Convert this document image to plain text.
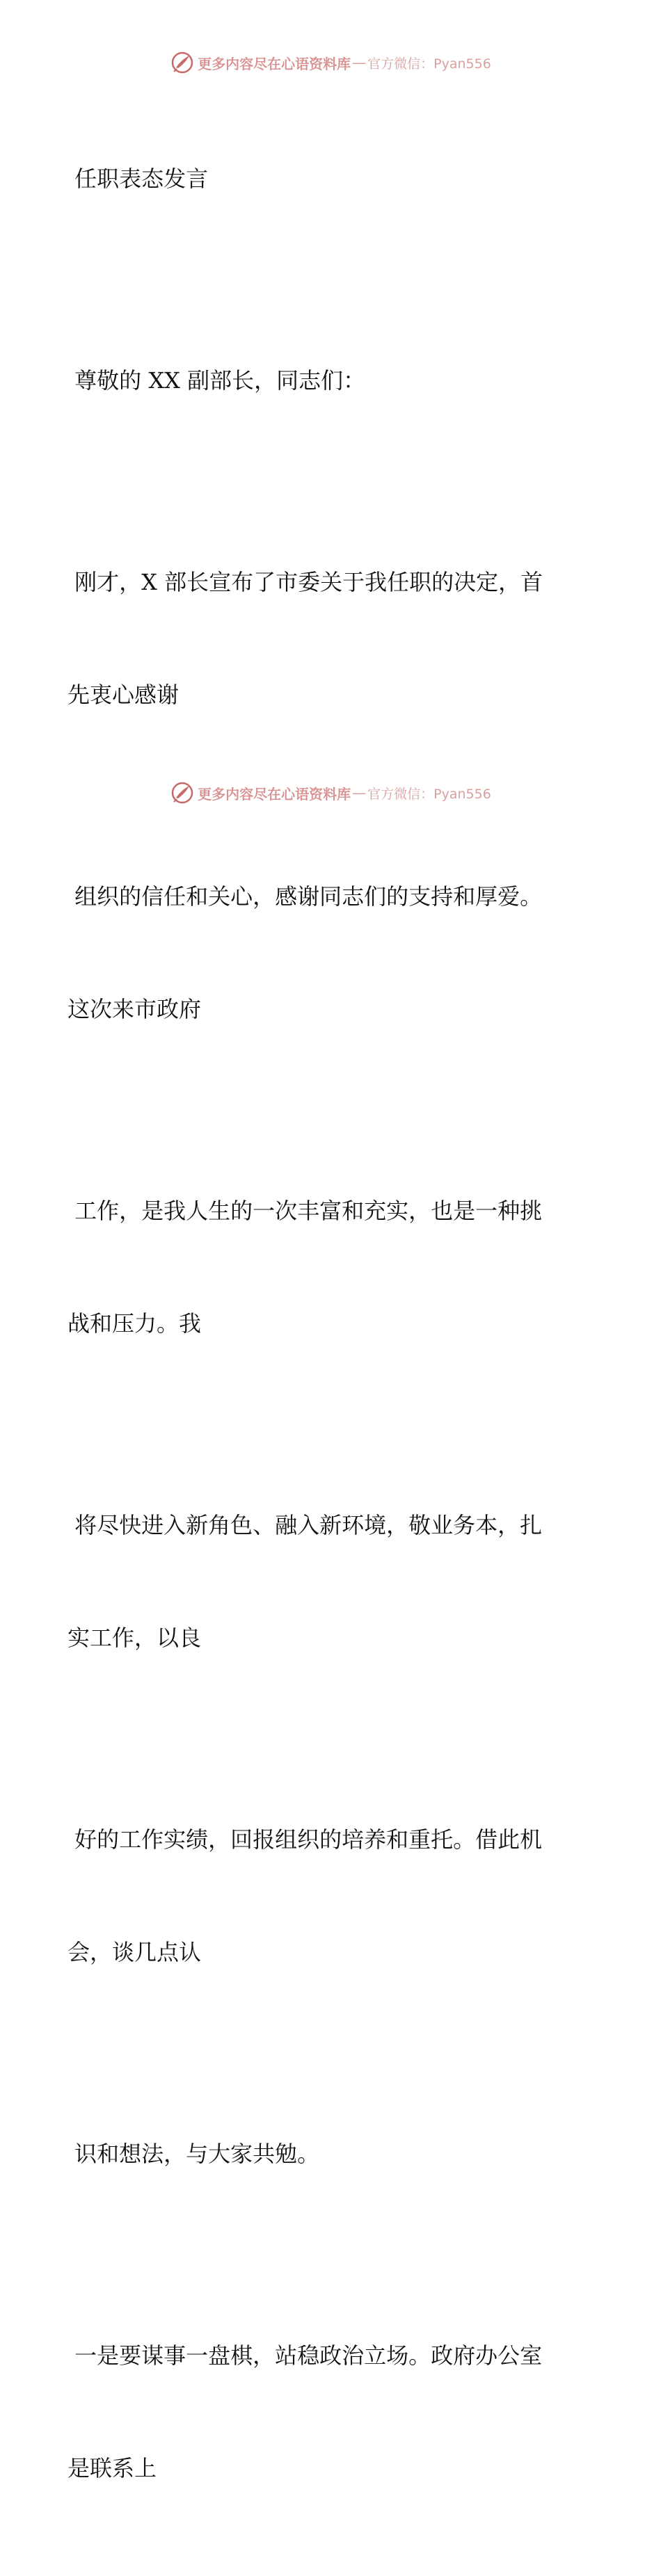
更多内容尽在心语资料库 — 官方微信：Pyan556

任职表态发言

尊敬的 XX 副部长，同志们：

刚才，X 部长宣布了市委关于我任职的决定，首

先衷心感谢

组织的信任和关心，感谢同志们的支持和厚爱。

这次来市政府

工作，是我人生的一次丰富和充实，也是一种挑

战和压力。我

将尽快进入新角色、融入新环境，敬业务本，扎

实工作，以良

好的工作实绩，回报组织的培养和重托。借此机

会，谈几点认

识和想法，与大家共勉。

一是要谋事一盘棋，站稳政治立场。政府办公室

是联系上

更多内容尽在心语资料库 — 官方微信：Pyan556
